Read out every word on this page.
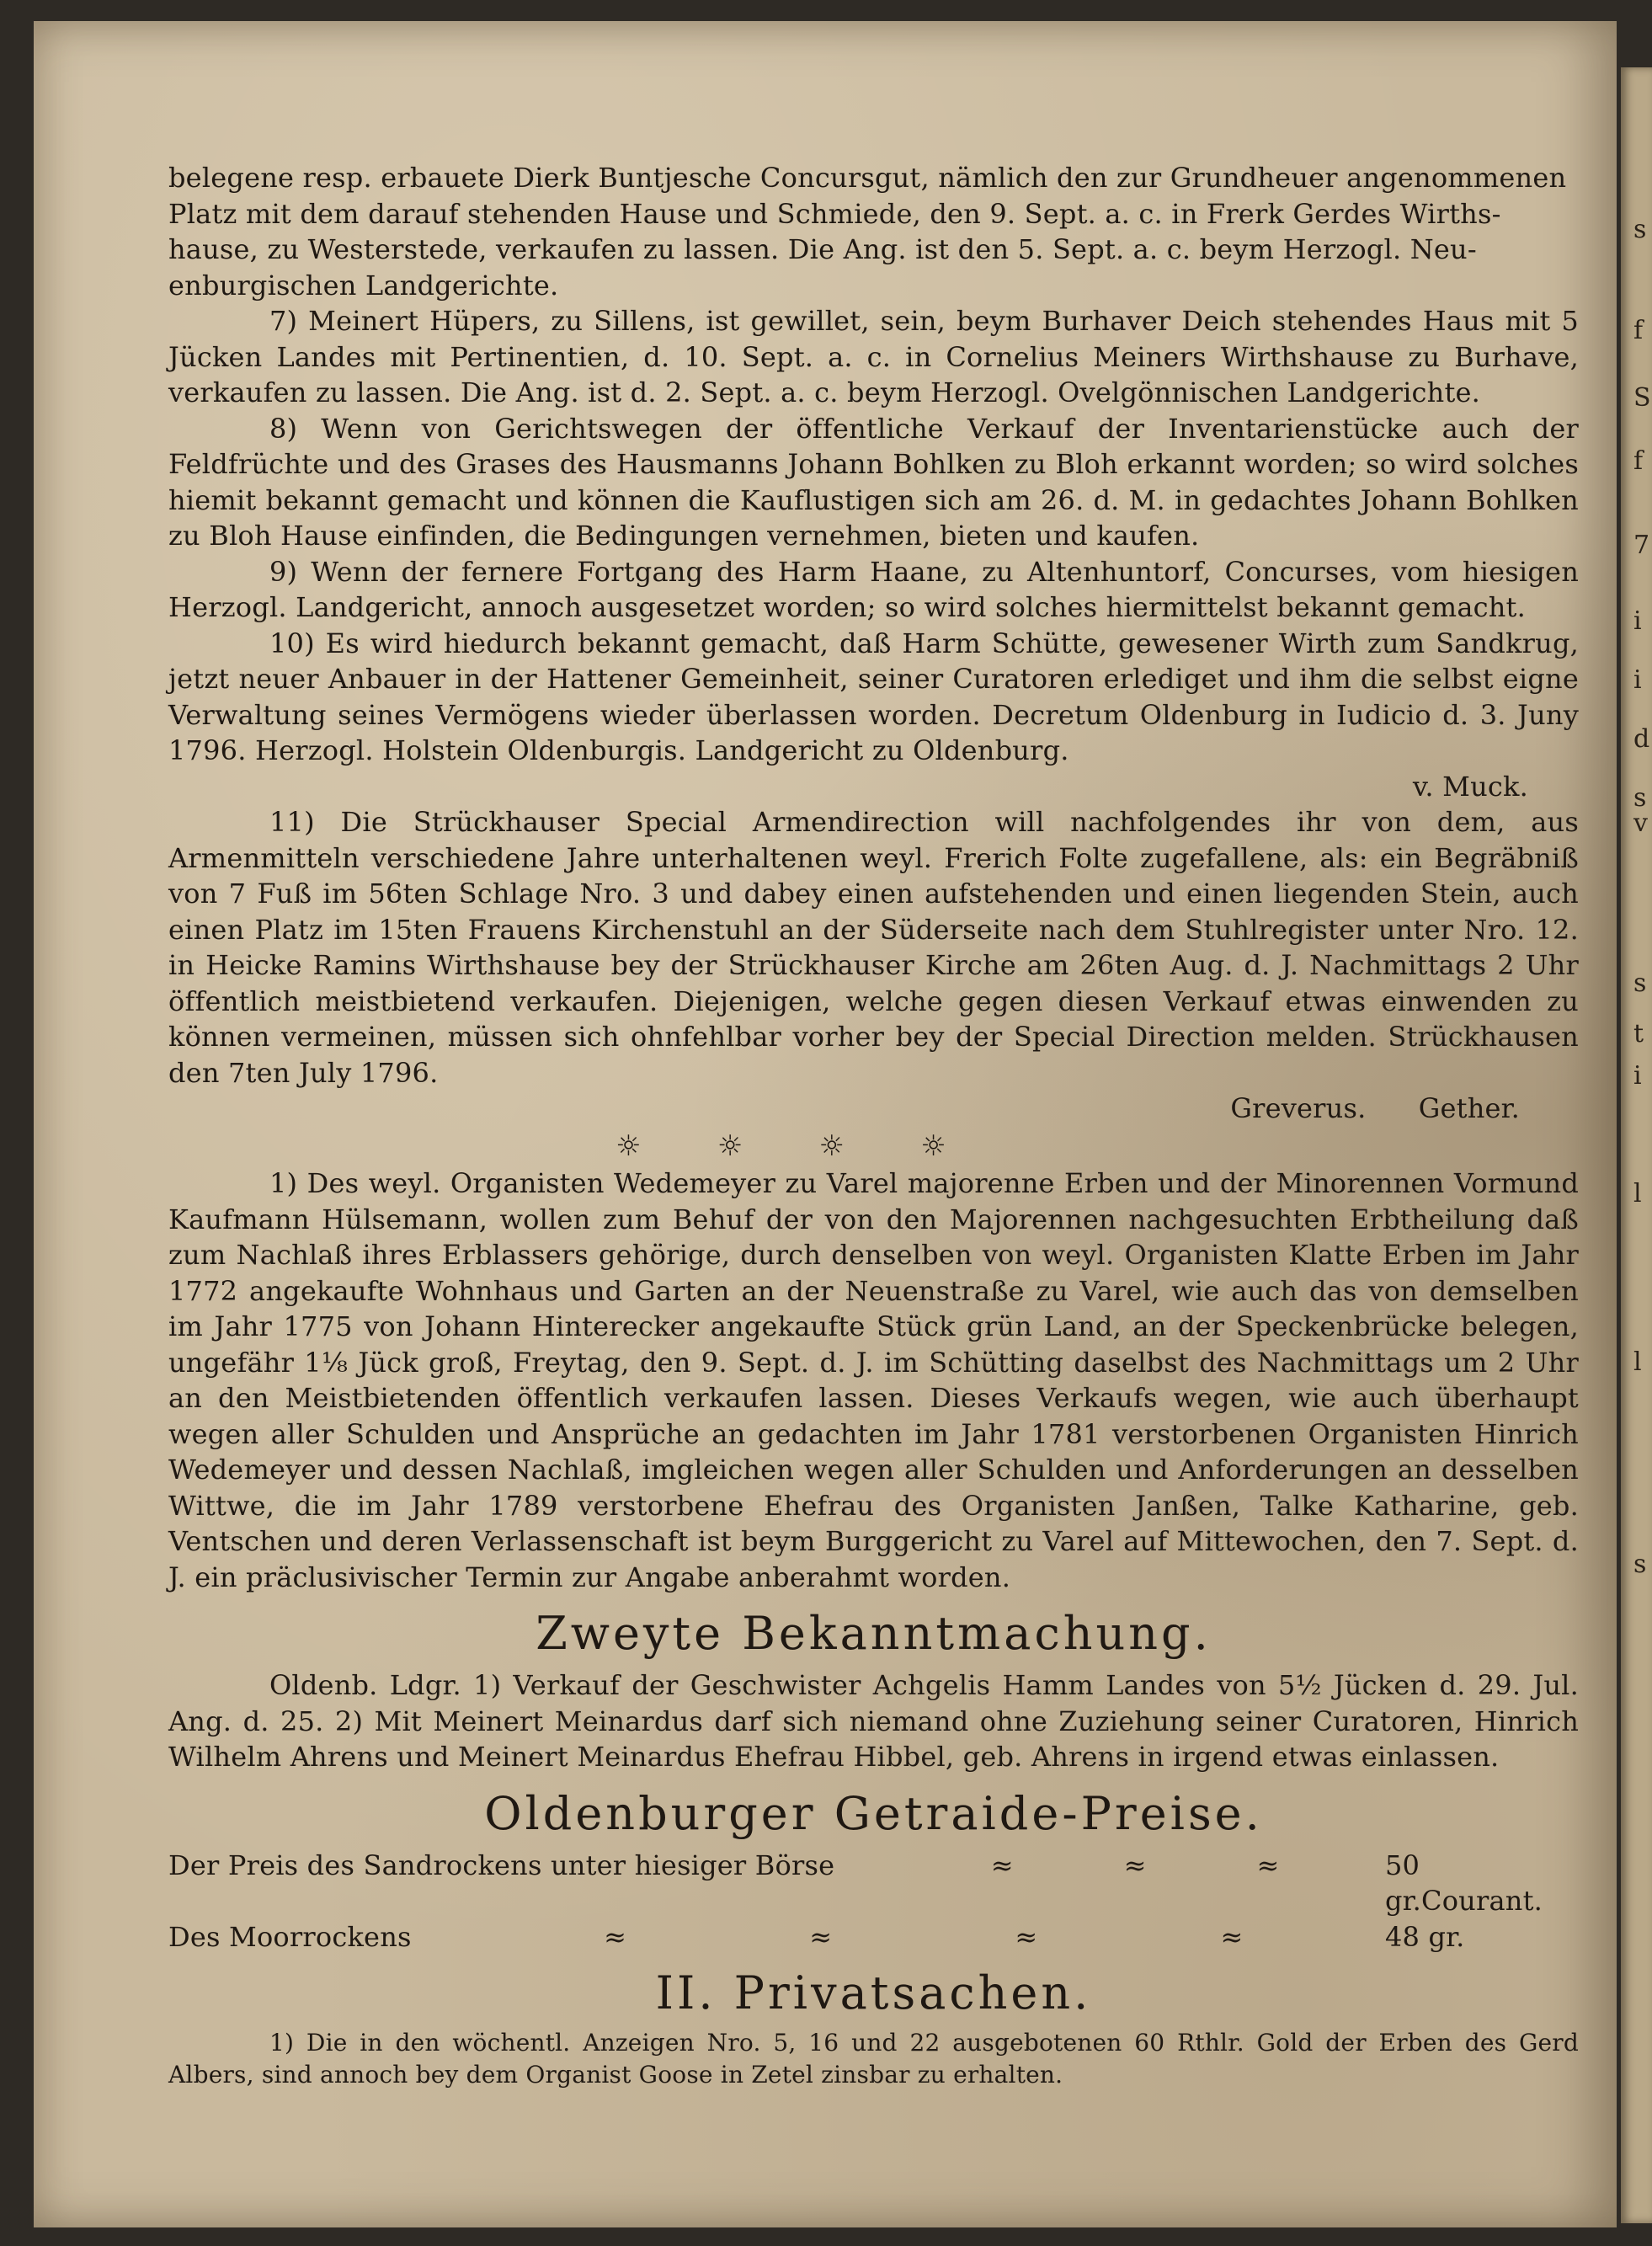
s
f
S
f
7
i
i
d
s
v
s
t
i
l
l
s

belegene resp. erbauete Dierk Buntjesche Concursgut, nämlich den zur Grundheuer angenommenen

Platz mit dem darauf stehenden Hause und Schmiede, den 9. Sept. a. c. in Frerk Gerdes Wirths-

hause, zu Westerstede, verkaufen zu lassen. Die Ang. ist den 5. Sept. a. c. beym Herzogl. Neu-

enburgischen Landgerichte.

7) Meinert Hüpers, zu Sillens, ist gewillet, sein, beym Burhaver Deich stehendes Haus mit 5 Jücken Landes mit Pertinentien, d. 10. Sept. a. c. in Cornelius Meiners Wirthshause zu Burhave, verkaufen zu lassen. Die Ang. ist d. 2. Sept. a. c. beym Herzogl. Ovelgönnischen Landgerichte.

8) Wenn von Gerichtswegen der öffentliche Verkauf der Inventarienstücke auch der Feldfrüchte und des Grases des Hausmanns Johann Bohlken zu Bloh erkannt worden; so wird solches hiemit bekannt gemacht und können die Kauflustigen sich am 26. d. M. in gedachtes Johann Bohlken zu Bloh Hause einfinden, die Bedingungen vernehmen, bieten und kaufen.

9) Wenn der fernere Fortgang des Harm Haane, zu Altenhuntorf, Concurses, vom hiesigen Herzogl. Landgericht, annoch ausgesetzet worden; so wird solches hiermittelst bekannt gemacht.

10) Es wird hiedurch bekannt gemacht, daß Harm Schütte, gewesener Wirth zum Sandkrug, jetzt neuer Anbauer in der Hattener Gemeinheit, seiner Curatoren erlediget und ihm die selbst eigne Verwaltung seines Vermögens wieder überlassen worden. Decretum Oldenburg in Iudicio d. 3. Juny 1796. Herzogl. Holstein Oldenburgis. Landgericht zu Oldenburg.

v. Muck.

11) Die Strückhauser Special Armendirection will nachfolgendes ihr von dem, aus Armenmitteln verschiedene Jahre unterhaltenen weyl. Frerich Folte zugefallene, als: ein Begräbniß von 7 Fuß im 56ten Schlage Nro. 3 und dabey einen aufstehenden und einen liegenden Stein, auch einen Platz im 15ten Frauens Kirchenstuhl an der Süderseite nach dem Stuhlregister unter Nro. 12. in Heicke Ramins Wirthshause bey der Strückhauser Kirche am 26ten Aug. d. J. Nachmittags 2 Uhr öffentlich meistbietend verkaufen. Diejenigen, welche gegen diesen Verkauf etwas einwenden zu können vermeinen, müssen sich ohnfehlbar vorher bey der Special Direction melden. Strückhausen den 7ten July 1796.

Greverus. Gether.
☼	☼	☼	☼

1) Des weyl. Organisten Wedemeyer zu Varel majorenne Erben und der Minorennen Vormund Kaufmann Hülsemann, wollen zum Behuf der von den Majorennen nachgesuchten Erbtheilung daß zum Nachlaß ihres Erblassers gehörige, durch denselben von weyl. Organisten Klatte Erben im Jahr 1772 angekaufte Wohnhaus und Garten an der Neuenstraße zu Varel, wie auch das von demselben im Jahr 1775 von Johann Hinterecker angekaufte Stück grün Land, an der Speckenbrücke belegen, ungefähr 1⅛ Jück groß, Freytag, den 9. Sept. d. J. im Schütting daselbst des Nachmittags um 2 Uhr an den Meistbietenden öffentlich verkaufen lassen. Dieses Verkaufs wegen, wie auch überhaupt wegen aller Schulden und Ansprüche an gedachten im Jahr 1781 verstorbenen Organisten Hinrich Wedemeyer und dessen Nachlaß, imgleichen wegen aller Schulden und Anforderungen an desselben Wittwe, die im Jahr 1789 verstorbene Ehefrau des Organisten Janßen, Talke Katharine, geb. Ventschen und deren Verlassenschaft ist beym Burggericht zu Varel auf Mittewochen, den 7. Sept. d. J. ein präclusivischer Termin zur Angabe anberahmt worden.

Zweyte Bekanntmachung.

Oldenb. Ldgr. 1) Verkauf der Geschwister Achgelis Hamm Landes von 5½ Jücken d. 29. Jul. Ang. d. 25. 2) Mit Meinert Meinardus darf sich niemand ohne Zuziehung seiner Curatoren, Hinrich Wilhelm Ahrens und Meinert Meinardus Ehefrau Hibbel, geb. Ahrens in irgend etwas einlassen.

Oldenburger Getraide-Preise.
Der Preis des Sandrockens unter hiesiger Börse	≈	≈	≈	50 gr.Courant.
Des Moorrockens	≈	≈	≈	≈	48 gr.
II. Privatsachen.

1) Die in den wöchentl. Anzeigen Nro. 5, 16 und 22 ausgebotenen 60 Rthlr. Gold der Erben des Gerd Albers, sind annoch bey dem Organist Goose in Zetel zinsbar zu erhalten.
